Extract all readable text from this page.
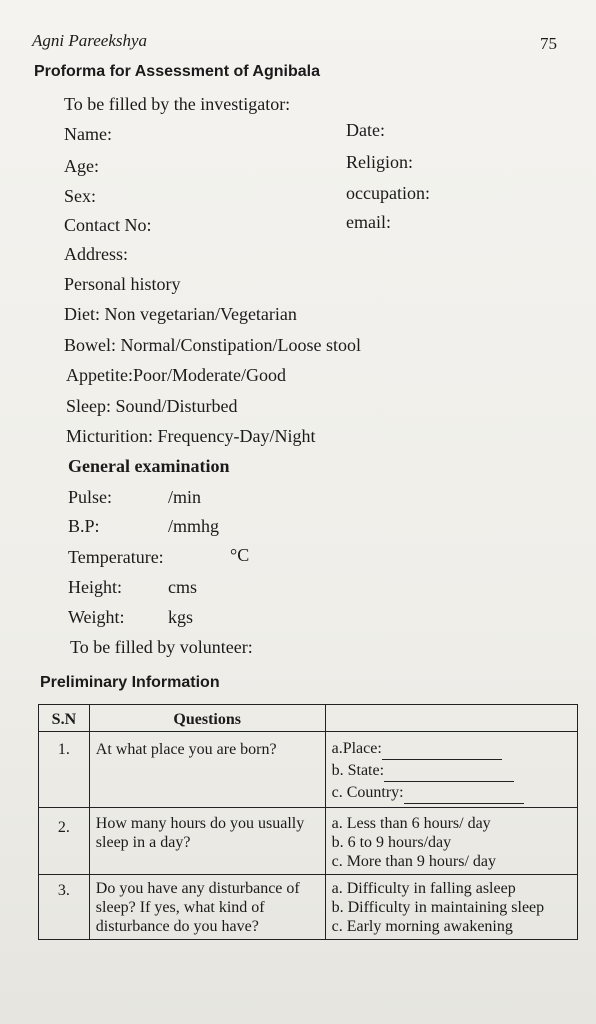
Agni Pareekshya	75
Proforma for Assessment of Agnibala
To be filled by the investigator:
Name:	Date:
Age:	Religion:
Sex:	occupation:
Contact No:	email:
Address:
Personal history
Diet: Non vegetarian/Vegetarian
Bowel: Normal/Constipation/Loose stool
Appetite:Poor/Moderate/Good
Sleep: Sound/Disturbed
Micturition: Frequency-Day/Night
General examination
Pulse:	/min
B.P:	/mmhg
Temperature:	°C
Height:	cms
Weight: kgs
To be filled by volunteer:
Preliminary Information
S.N	Questions	
1.	At what place you are born?	a.Place:
b. State:
c. Country:

2.	How many hours do you usually sleep in a day?	a. Less than 6 hours/ day
b. 6 to 9 hours/day
c. More than 9 hours/ day

3.	Do you have any disturbance of sleep? If yes, what kind of disturbance do you have?	a. Difficulty in falling asleep
b. Difficulty in maintaining sleep
c. Early morning awakening
